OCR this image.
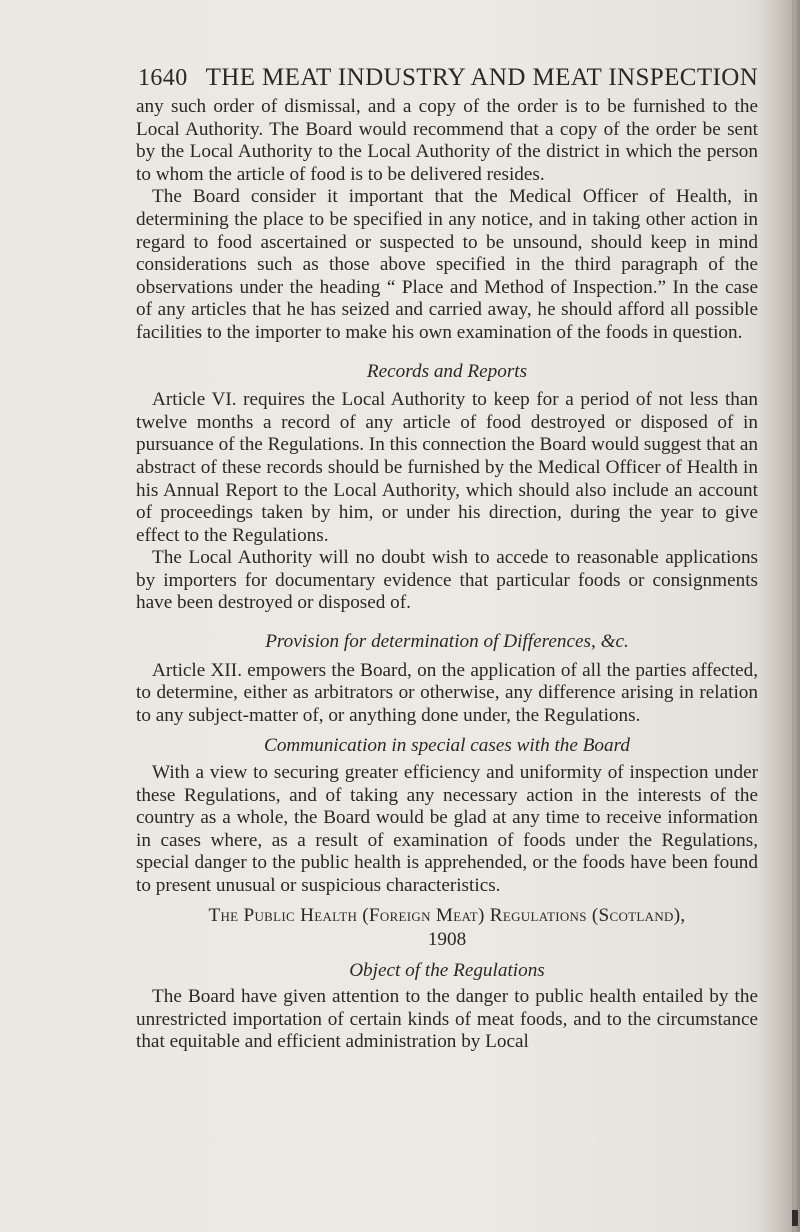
1640 THE MEAT INDUSTRY AND MEAT INSPECTION

any such order of dismissal, and a copy of the order is to be furnished to the Local Authority. The Board would recommend that a copy of the order be sent by the Local Authority to the Local Authority of the district in which the person to whom the article of food is to be delivered resides.

The Board consider it important that the Medical Officer of Health, in determining the place to be specified in any notice, and in taking other action in regard to food ascertained or suspected to be unsound, should keep in mind considerations such as those above specified in the third paragraph of the observations under the heading “ Place and Method of Inspection.” In the case of any articles that he has seized and carried away, he should afford all possible facilities to the importer to make his own examination of the foods in question.

Records and Reports

Article VI. requires the Local Authority to keep for a period of not less than twelve months a record of any article of food destroyed or disposed of in pursuance of the Regulations. In this connection the Board would suggest that an abstract of these records should be furnished by the Medical Officer of Health in his Annual Report to the Local Authority, which should also include an account of proceedings taken by him, or under his direction, during the year to give effect to the Regulations.

The Local Authority will no doubt wish to accede to reasonable applications by importers for documentary evidence that particular foods or consignments have been destroyed or disposed of.

Provision for determination of Differences, &c.

Article XII. empowers the Board, on the application of all the parties affected, to determine, either as arbitrators or otherwise, any difference arising in relation to any subject-matter of, or anything done under, the Regulations.

Communication in special cases with the Board

With a view to securing greater efficiency and uniformity of inspection under these Regulations, and of taking any necessary action in the interests of the country as a whole, the Board would be glad at any time to receive information in cases where, as a result of examination of foods under the Regulations, special danger to the public health is apprehended, or the foods have been found to present unusual or suspicious characteristics.

The Public Health (Foreign Meat) Regulations (Scotland),
1908
Object of the Regulations

The Board have given attention to the danger to public health entailed by the unrestricted importation of certain kinds of meat foods, and to the circumstance that equitable and efficient administration by Local
